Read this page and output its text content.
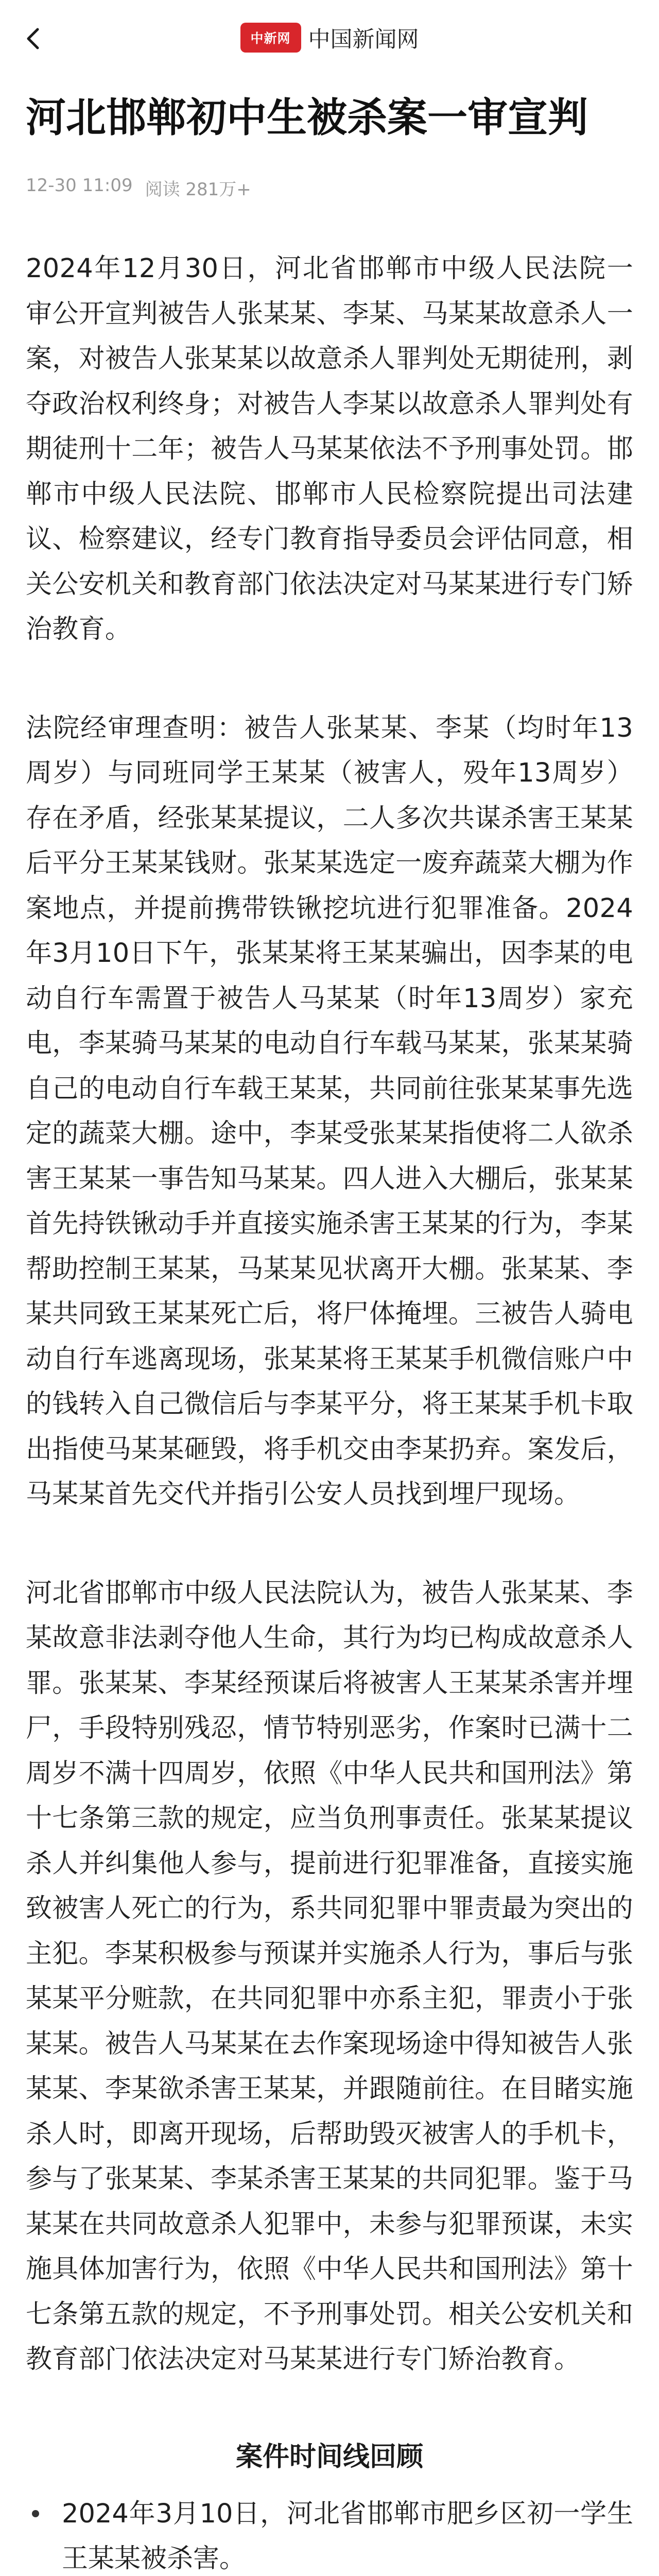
中新网 中国新闻网
河北邯郸初中生被杀案一审宣判
12-30 11:09 阅读 281万+

2024年12月30日，河北省邯郸市中级人民法院一审公开宣判被告人张某某、李某、马某某故意杀人一案，对被告人张某某以故意杀人罪判处无期徒刑，剥夺政治权利终身；对被告人李某以故意杀人罪判处有期徒刑十二年；被告人马某某依法不予刑事处罚。邯郸市中级人民法院、邯郸市人民检察院提出司法建议、检察建议，经专门教育指导委员会评估同意，相关公安机关和教育部门依法决定对马某某进行专门矫治教育。

法院经审理查明：被告人张某某、李某（均时年13周岁）与同班同学王某某（被害人，殁年13周岁）存在矛盾，经张某某提议，二人多次共谋杀害王某某后平分王某某钱财。张某某选定一废弃蔬菜大棚为作案地点，并提前携带铁锹挖坑进行犯罪准备。2024年3月10日下午，张某某将王某某骗出，因李某的电动自行车需置于被告人马某某（时年13周岁）家充电，李某骑马某某的电动自行车载马某某，张某某骑自己的电动自行车载王某某，共同前往张某某事先选定的蔬菜大棚。途中，李某受张某某指使将二人欲杀害王某某一事告知马某某。四人进入大棚后，张某某首先持铁锹动手并直接实施杀害王某某的行为，李某帮助控制王某某，马某某见状离开大棚。张某某、李某共同致王某某死亡后，将尸体掩埋。三被告人骑电动自行车逃离现场，张某某将王某某手机微信账户中的钱转入自己微信后与李某平分，将王某某手机卡取出指使马某某砸毁，将手机交由李某扔弃。案发后，马某某首先交代并指引公安人员找到埋尸现场。

河北省邯郸市中级人民法院认为，被告人张某某、李某故意非法剥夺他人生命，其行为均已构成故意杀人罪。张某某、李某经预谋后将被害人王某某杀害并埋尸，手段特别残忍，情节特别恶劣，作案时已满十二周岁不满十四周岁，依照《中华人民共和国刑法》第十七条第三款的规定，应当负刑事责任。张某某提议杀人并纠集他人参与，提前进行犯罪准备，直接实施致被害人死亡的行为，系共同犯罪中罪责最为突出的主犯。李某积极参与预谋并实施杀人行为，事后与张某某平分赃款，在共同犯罪中亦系主犯，罪责小于张某某。被告人马某某在去作案现场途中得知被告人张某某、李某欲杀害王某某，并跟随前往。在目睹实施杀人时，即离开现场，后帮助毁灭被害人的手机卡，参与了张某某、李某杀害王某某的共同犯罪。鉴于马某某在共同故意杀人犯罪中，未参与犯罪预谋，未实施具体加害行为，依照《中华人民共和国刑法》第十七条第五款的规定，不予刑事处罚。相关公安机关和教育部门依法决定对马某某进行专门矫治教育。

案件时间线回顾
2024年3月10日，河北省邯郸市肥乡区初一学生王某某被杀害。
